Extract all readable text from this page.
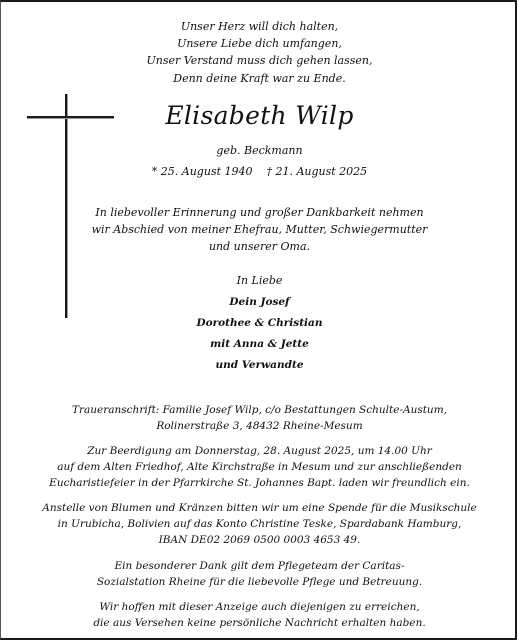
Unser Herz will dich halten,
Unsere Liebe dich umfangen,
Unser Verstand muss dich gehen lassen,
Denn deine Kraft war zu Ende.
Elisabeth Wilp
geb. Beckmann
* 25. August 1940    † 21. August 2025
In liebevoller Erinnerung und großer Dankbarkeit nehmen
wir Abschied von meiner Ehefrau, Mutter, Schwiegermutter
und unserer Oma.
In Liebe
Dein Josef
Dorothee & Christian
mit Anna & Jette
und Verwandte
Traueranschrift: Familie Josef Wilp, c/o Bestattungen Schulte-Austum,
Rolinerstraße 3, 48432 Rheine-Mesum
Zur Beerdigung am Donnerstag, 28. August 2025, um 14.00 Uhr
auf dem Alten Friedhof, Alte Kirchstraße in Mesum und zur anschließenden
Eucharistiefeier in der Pfarrkirche St. Johannes Bapt. laden wir freundlich ein.
Anstelle von Blumen und Kränzen bitten wir um eine Spende für die Musikschule
in Urubicha, Bolivien auf das Konto Christine Teske, Spardabank Hamburg,
IBAN DE02 2069 0500 0003 4653 49.
Ein besonderer Dank gilt dem Pflegeteam der Caritas-
Sozialstation Rheine für die liebevolle Pflege und Betreuung.
Wir hoffen mit dieser Anzeige auch diejenigen zu erreichen,
die aus Versehen keine persönliche Nachricht erhalten haben.
